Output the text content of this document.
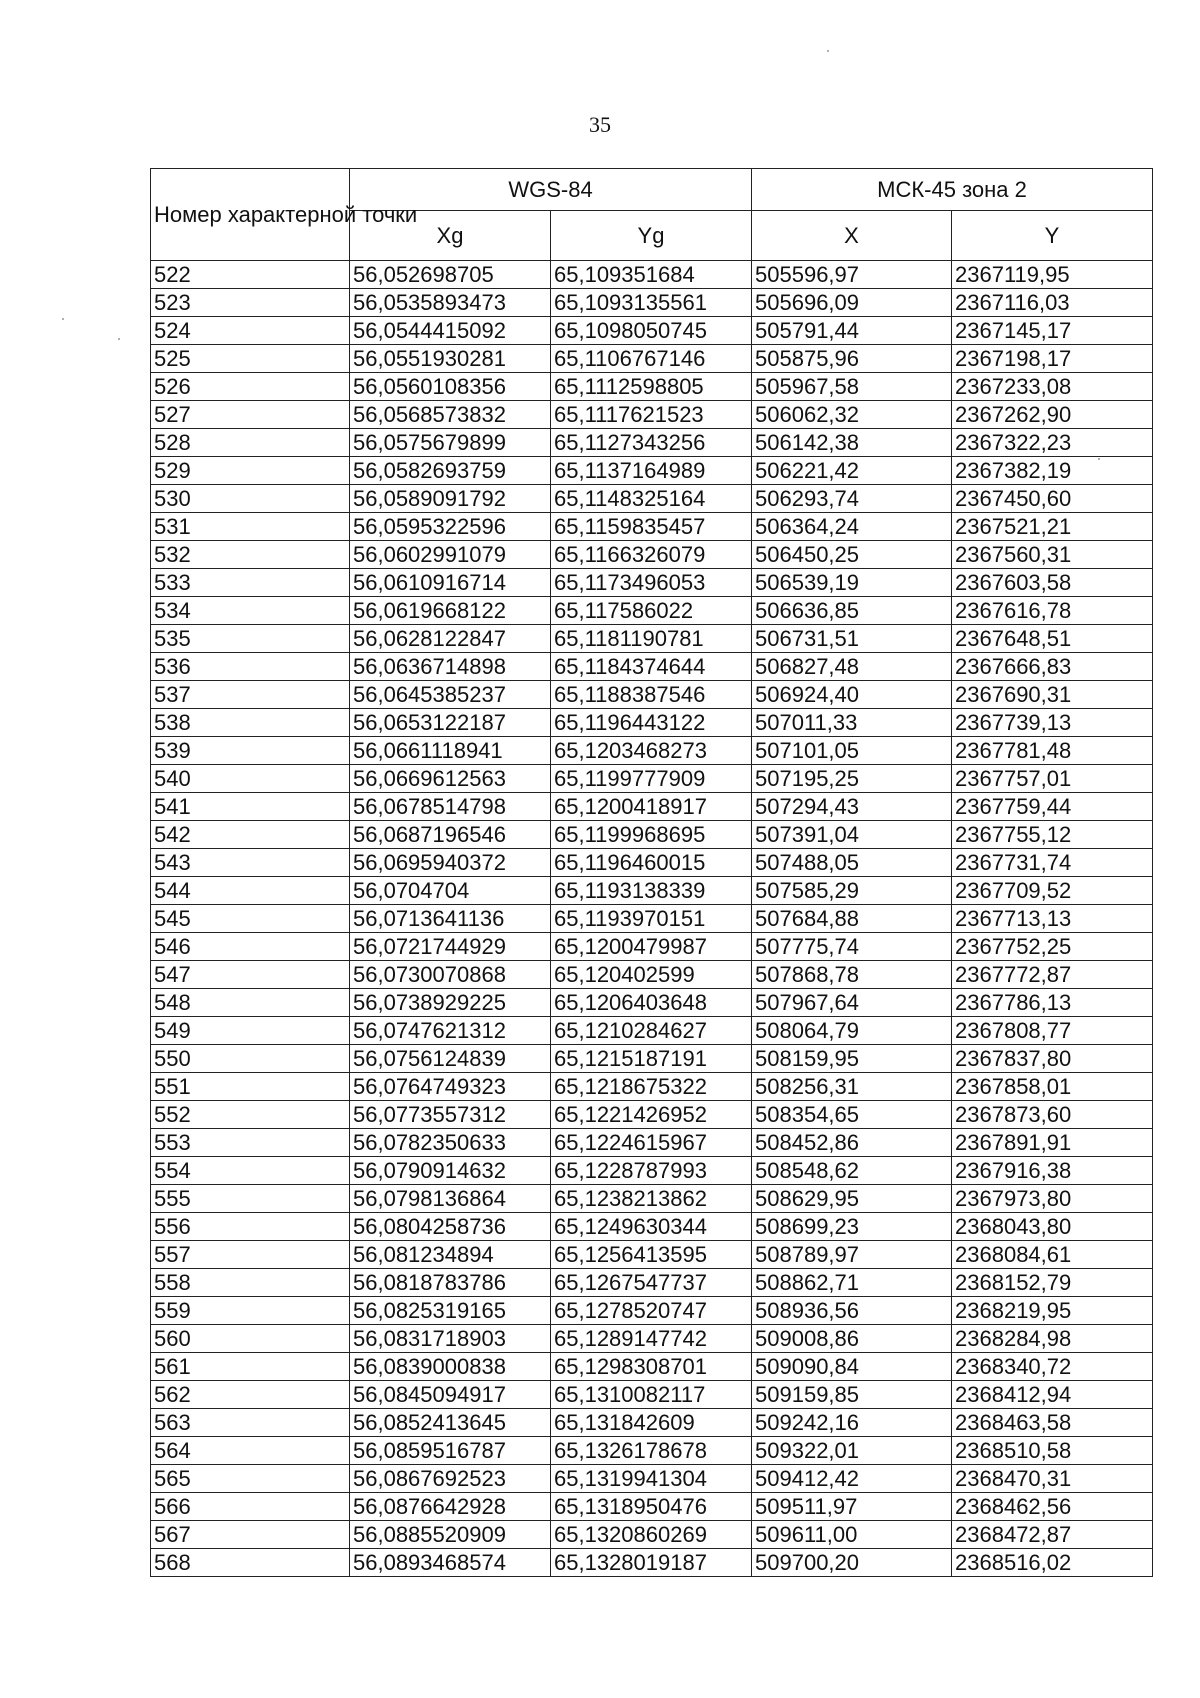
35
Номер характерной точки	WGS-84		МСК-45 зона 2	
	Xg	Yg	X	Y
522	56,052698705	65,109351684	505596,97	2367119,95
523	56,0535893473	65,1093135561	505696,09	2367116,03
524	56,0544415092	65,1098050745	505791,44	2367145,17
525	56,0551930281	65,1106767146	505875,96	2367198,17
526	56,0560108356	65,1112598805	505967,58	2367233,08
527	56,0568573832	65,1117621523	506062,32	2367262,90
528	56,0575679899	65,1127343256	506142,38	2367322,23
529	56,0582693759	65,1137164989	506221,42	2367382,19
530	56,0589091792	65,1148325164	506293,74	2367450,60
531	56,0595322596	65,1159835457	506364,24	2367521,21
532	56,0602991079	65,1166326079	506450,25	2367560,31
533	56,0610916714	65,1173496053	506539,19	2367603,58
534	56,0619668122	65,117586022	506636,85	2367616,78
535	56,0628122847	65,1181190781	506731,51	2367648,51
536	56,0636714898	65,1184374644	506827,48	2367666,83
537	56,0645385237	65,1188387546	506924,40	2367690,31
538	56,0653122187	65,1196443122	507011,33	2367739,13
539	56,0661118941	65,1203468273	507101,05	2367781,48
540	56,0669612563	65,1199777909	507195,25	2367757,01
541	56,0678514798	65,1200418917	507294,43	2367759,44
542	56,0687196546	65,1199968695	507391,04	2367755,12
543	56,0695940372	65,1196460015	507488,05	2367731,74
544	56,0704704	65,1193138339	507585,29	2367709,52
545	56,0713641136	65,1193970151	507684,88	2367713,13
546	56,0721744929	65,1200479987	507775,74	2367752,25
547	56,0730070868	65,120402599	507868,78	2367772,87
548	56,0738929225	65,1206403648	507967,64	2367786,13
549	56,0747621312	65,1210284627	508064,79	2367808,77
550	56,0756124839	65,1215187191	508159,95	2367837,80
551	56,0764749323	65,1218675322	508256,31	2367858,01
552	56,0773557312	65,1221426952	508354,65	2367873,60
553	56,0782350633	65,1224615967	508452,86	2367891,91
554	56,0790914632	65,1228787993	508548,62	2367916,38
555	56,0798136864	65,1238213862	508629,95	2367973,80
556	56,0804258736	65,1249630344	508699,23	2368043,80
557	56,081234894	65,1256413595	508789,97	2368084,61
558	56,0818783786	65,1267547737	508862,71	2368152,79
559	56,0825319165	65,1278520747	508936,56	2368219,95
560	56,0831718903	65,1289147742	509008,86	2368284,98
561	56,0839000838	65,1298308701	509090,84	2368340,72
562	56,0845094917	65,1310082117	509159,85	2368412,94
563	56,0852413645	65,131842609	509242,16	2368463,58
564	56,0859516787	65,1326178678	509322,01	2368510,58
565	56,0867692523	65,1319941304	509412,42	2368470,31
566	56,0876642928	65,1318950476	509511,97	2368462,56
567	56,0885520909	65,1320860269	509611,00	2368472,87
568	56,0893468574	65,1328019187	509700,20	2368516,02
